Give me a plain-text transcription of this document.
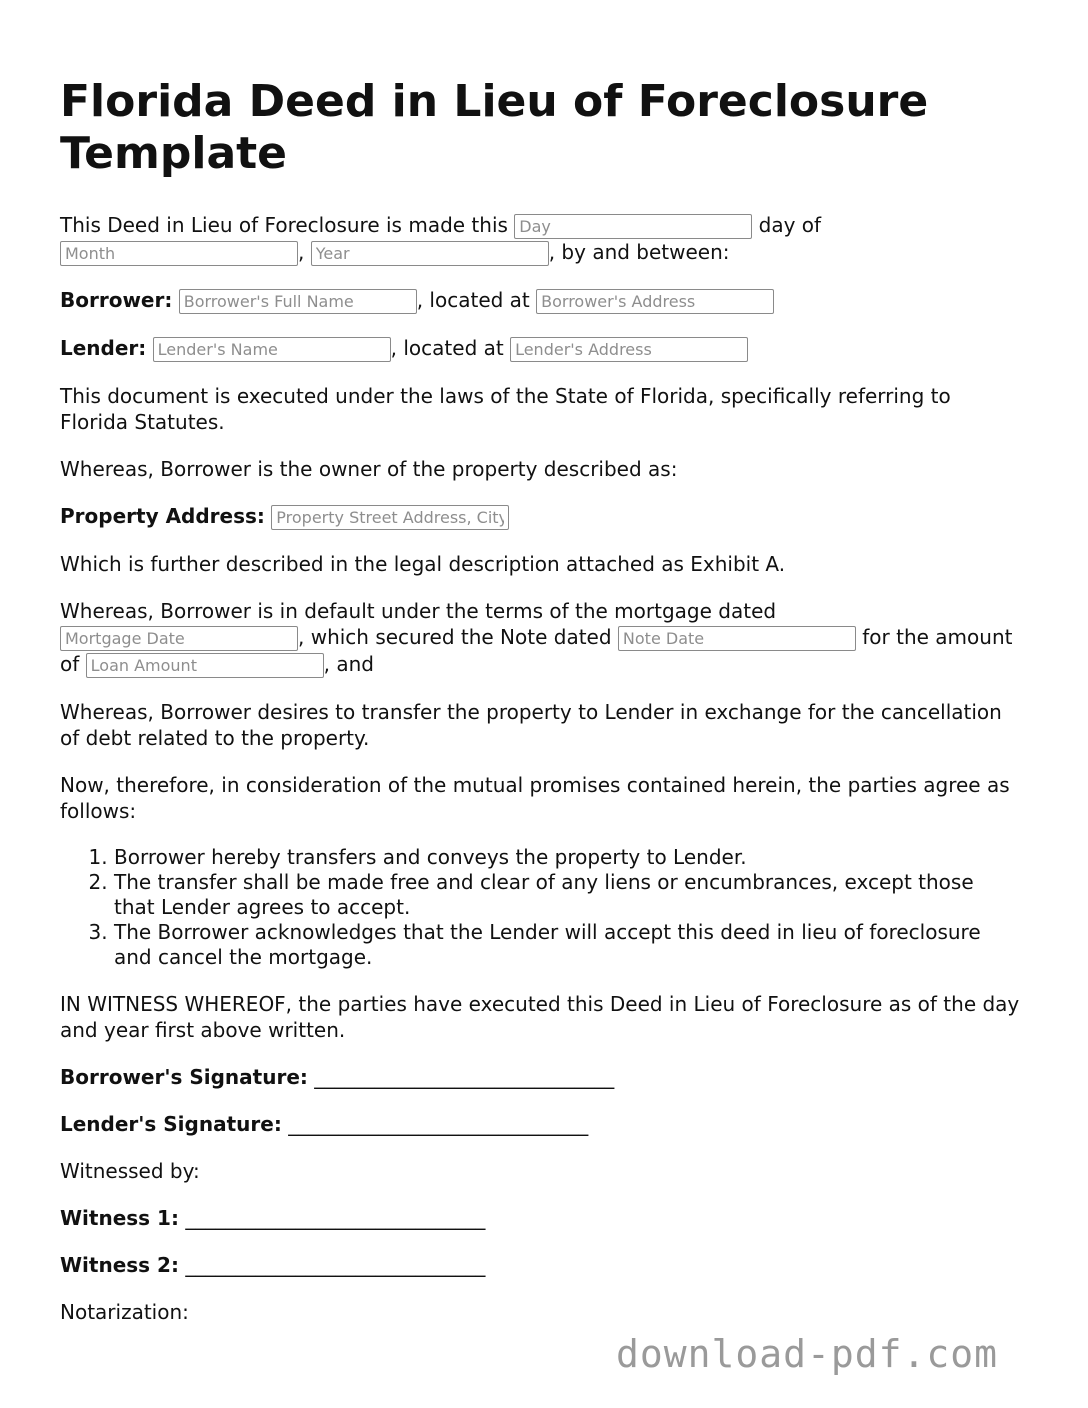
Florida Deed in Lieu of Foreclosure Template

This Deed in Lieu of Foreclosure is made this Day	day of Month, Year	, by and between:

Borrower: Borrower's Full Name	, located at Borrower's Address

Lender: Lender's Name	, located at Lender's Address

This document is executed under the laws of the State of Florida, specifically referring to Florida Statutes.

Whereas, Borrower is the owner of the property described as:

Property Address: Property Street Address, City, State, ZIP

Which is further described in the legal description attached as Exhibit A.

Whereas, Borrower is in default under the terms of the mortgage dated Mortgage Date, which secured the Note dated Note Date	for the amount of Loan Amount	, and

Whereas, Borrower desires to transfer the property to Lender in exchange for the cancellation of debt related to the property.

Now, therefore, in consideration of the mutual promises contained herein, the parties agree as follows:

1. Borrower hereby transfers and conveys the property to Lender.
2. The transfer shall be made free and clear of any liens or encumbrances, except those that Lender agrees to accept.
3. The Borrower acknowledges that the Lender will accept this deed in lieu of foreclosure and cancel the mortgage.

IN WITNESS WHEREOF, the parties have executed this Deed in Lieu of Foreclosure as of the day and year first above written.

Borrower's Signature: ______________________________
Lender's Signature: ______________________________

Witnessed by:

Witness 1: ______________________________
Witness 2: ______________________________

Notarization:

download-pdf.com
